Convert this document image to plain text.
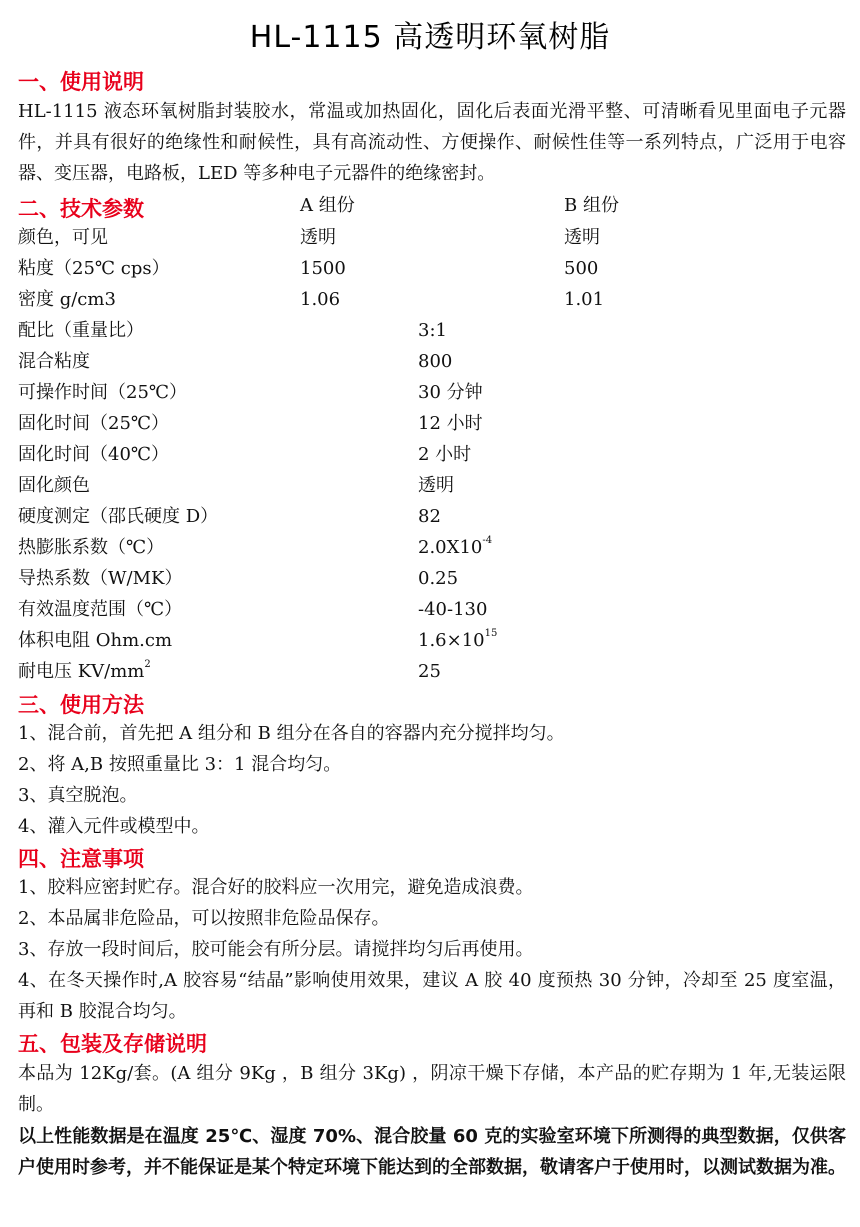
HL-1115 高透明环氧树脂
一、使用说明
HL-1115 液态环氧树脂封装胶水，常温或加热固化，固化后表面光滑平整、可清晰看见里面电子元器件，并具有很好的绝缘性和耐候性，具有高流动性、方便操作、耐候性佳等一系列特点，广泛用于电容器、变压器，电路板，LED 等多种电子元器件的绝缘密封。
二、技术参数	A 组份	B 组份
颜色，可见	透明	透明
粘度（25℃ cps）	1500	500
密度 g/cm3	1.06	1.01
配比（重量比）	3:1
混合粘度	800
可操作时间（25℃）	30 分钟
固化时间（25℃）	12 小时
固化时间（40℃）	2 小时
固化颜色	透明
硬度测定（邵氏硬度 D）	82
热膨胀系数（℃）	$2.0X10^{-4}$
导热系数（W/MK）	0.25
有效温度范围（℃）	-40-130
体积电阻 Ohm.cm	$1.6\times 10^{15}$
耐电压 $KV/mm^2$	25
三、使用方法
1、混合前，首先把 A 组分和 B 组分在各自的容器内充分搅拌均匀。
2、将 A,B 按照重量比 3：1 混合均匀。
3、真空脱泡。
4、灌入元件或模型中。
四、注意事项
1、胶料应密封贮存。混合好的胶料应一次用完，避免造成浪费。
2、本品属非危险品，可以按照非危险品保存。
3、存放一段时间后，胶可能会有所分层。请搅拌均匀后再使用。
4、在冬天操作时,A 胶容易“结晶”影响使用效果，建议 A 胶 40 度预热 30 分钟，冷却至 25 度室温，再和 B 胶混合均匀。
五、包装及存储说明
本品为 12Kg/套。(A 组分 9Kg ，B 组分 3Kg) ，阴凉干燥下存储，本产品的贮存期为 1 年,无装运限制。
以上性能数据是在温度 25℃、湿度 70%、混合胶量 60 克的实验室环境下所测得的典型数据，仅供客户使用时参考，并不能保证是某个特定环境下能达到的全部数据，敬请客户于使用时，以测试数据为准。
